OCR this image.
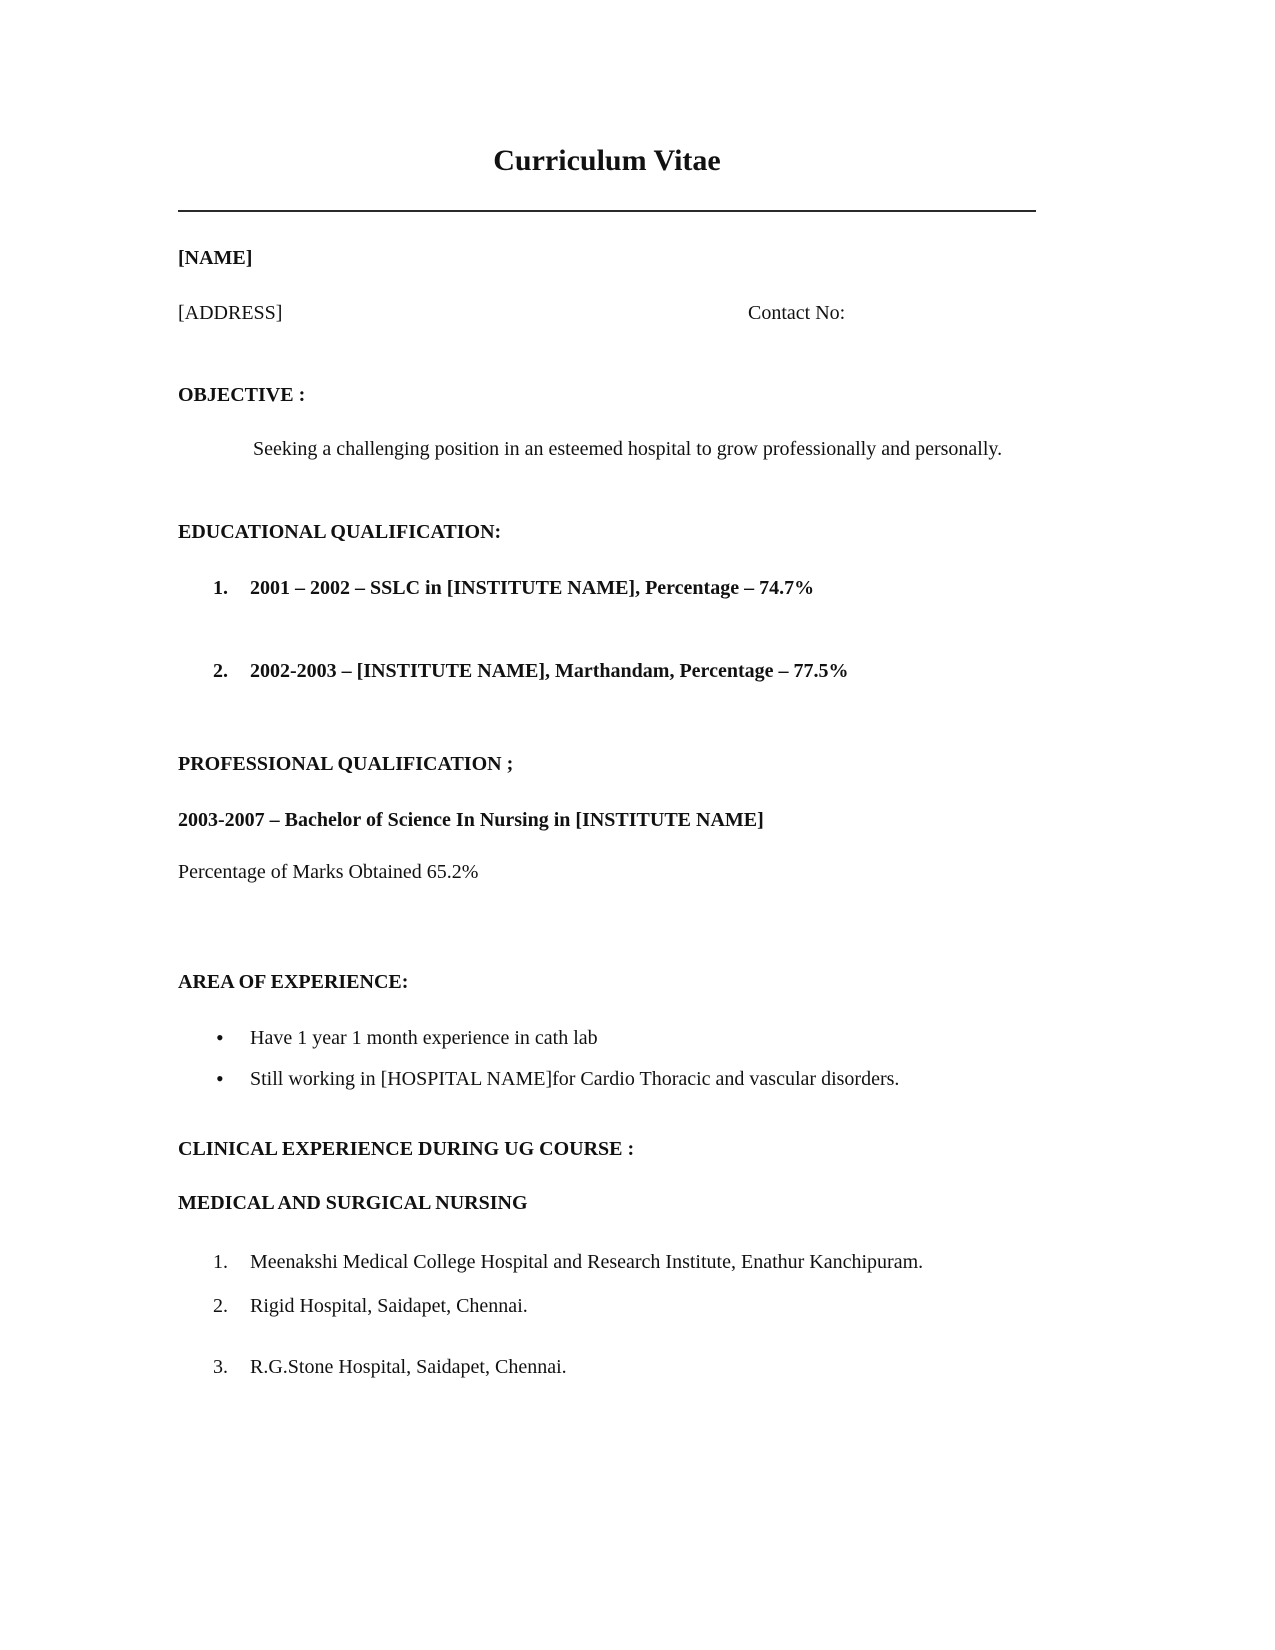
Curriculum Vitae
[NAME]
[ADDRESS]	Contact No:
OBJECTIVE :
Seeking a challenging position in an esteemed hospital to grow professionally and personally.
EDUCATIONAL QUALIFICATION:
1. 2001 – 2002 – SSLC in [INSTITUTE NAME], Percentage – 74.7%
2. 2002-2003 – [INSTITUTE NAME], Marthandam, Percentage – 77.5%
PROFESSIONAL QUALIFICATION ;
2003-2007 – Bachelor of Science In Nursing in [INSTITUTE NAME]
Percentage of Marks Obtained 65.2%
AREA OF EXPERIENCE:
• Have 1 year 1 month experience in cath lab
• Still working in [HOSPITAL NAME]for Cardio Thoracic and vascular disorders.
CLINICAL EXPERIENCE DURING UG COURSE :
MEDICAL AND SURGICAL NURSING
1. Meenakshi Medical College Hospital and Research Institute, Enathur Kanchipuram.
2. Rigid Hospital, Saidapet, Chennai.
3. R.G.Stone Hospital, Saidapet, Chennai.
